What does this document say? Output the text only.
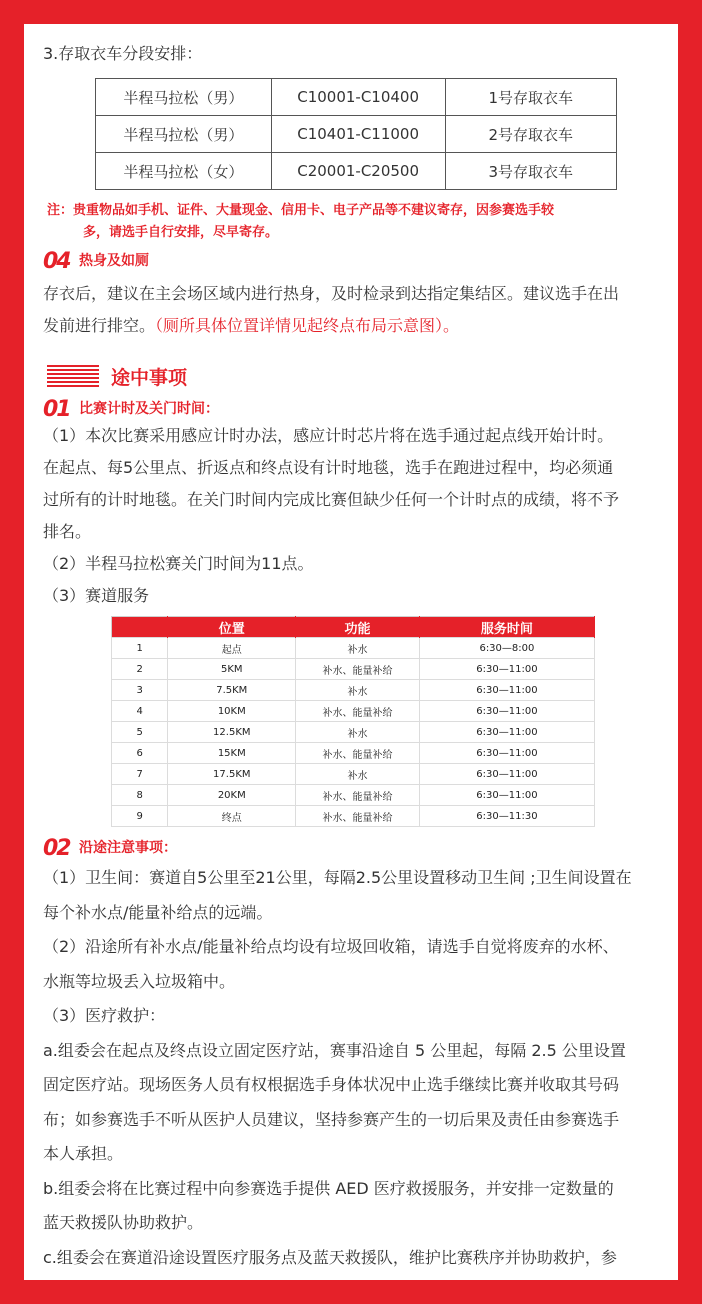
3.存取衣车分段安排：

半程马拉松（男）	C10001-C10400	1号存取衣车
半程马拉松（男）	C10401-C11000	2号存取衣车
半程马拉松（女）	C20001-C20500	3号存取衣车
注：贵重物品如手机、证件、大量现金、信用卡、电子产品等不建议寄存，因参赛选手较
多，请选手自行安排，尽早寄存。
04 热身及如厕

存衣后，建议在主会场区域内进行热身，及时检录到达指定集结区。建议选手在出

发前进行排空。（厕所具体位置详情见起终点布局示意图）。

途中事项
01 比赛计时及关门时间：

（1）本次比赛采用感应计时办法，感应计时芯片将在选手通过起点线开始计时。

在起点、每5公里点、折返点和终点设有计时地毯，选手在跑进过程中，均必须通

过所有的计时地毯。在关门时间内完成比赛但缺少任何一个计时点的成绩，将不予

排名。

（2）半程马拉松赛关门时间为11点。

（3）赛道服务

	位置	功能	服务时间
1	起点	补水	6:30—8:00
2	5KM	补水、能量补给	6:30—11:00
3	7.5KM	补水	6:30—11:00
4	10KM	补水、能量补给	6:30—11:00
5	12.5KM	补水	6:30—11:00
6	15KM	补水、能量补给	6:30—11:00
7	17.5KM	补水	6:30—11:00
8	20KM	补水、能量补给	6:30—11:00
9	终点	补水、能量补给	6:30—11:30
02 沿途注意事项：

（1）卫生间：赛道自5公里至21公里，每隔2.5公里设置移动卫生间 ;卫生间设置在

每个补水点/能量补给点的远端。

（2）沿途所有补水点/能量补给点均设有垃圾回收箱，请选手自觉将废弃的水杯、

水瓶等垃圾丢入垃圾箱中。

（3）医疗救护：

a.组委会在起点及终点设立固定医疗站，赛事沿途自 5 公里起，每隔 2.5 公里设置

固定医疗站。现场医务人员有权根据选手身体状况中止选手继续比赛并收取其号码

布；如参赛选手不听从医护人员建议，坚持参赛产生的一切后果及责任由参赛选手

本人承担。

b.组委会将在比赛过程中向参赛选手提供 AED 医疗救援服务，并安排一定数量的

蓝天救援队协助救护。

c.组委会在赛道沿途设置医疗服务点及蓝天救援队，维护比赛秩序并协助救护，参
